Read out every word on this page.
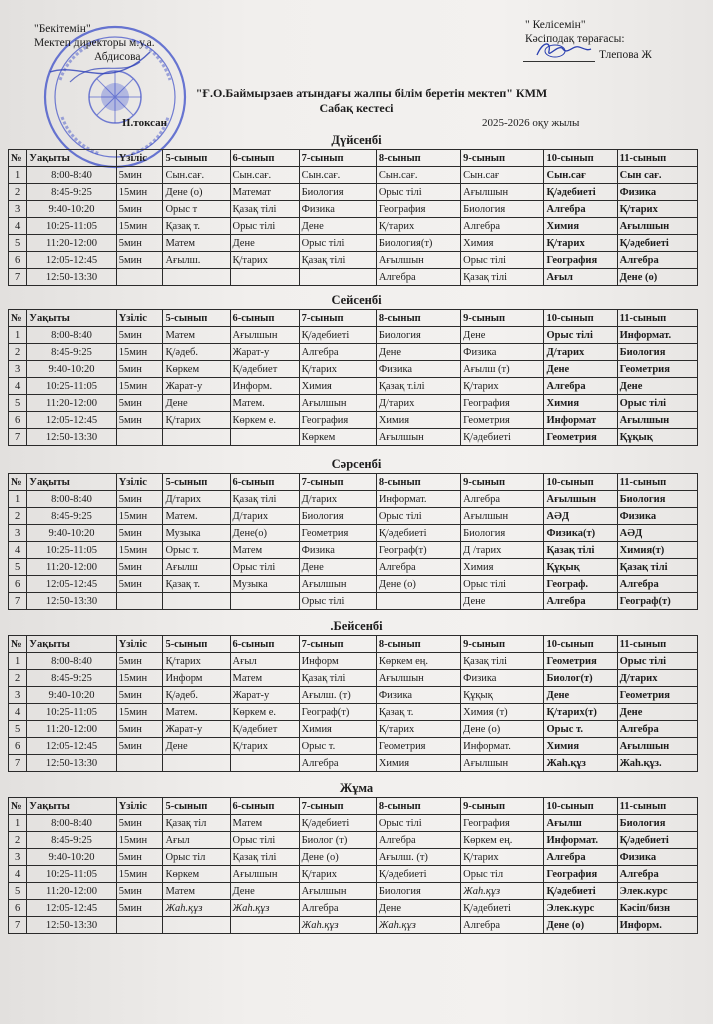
"Бекітемін"
Мектеп директоры м.у.а.
Абдисова
" Келісемін"
Кәсіподақ төрағасы:
Тлепова Ж
"Ғ.О.Баймырзаев атындағы жалпы білім беретін мектеп" КММ
Сабақ кестесі
II.токсан	2025-2026 оқу жылы
Дүйсенбі
№	Уақыты	Үзіліс	5-сынып	6-сынып	7-сынып	8-сынып	9-сынып	10-сынып	11-сынып
1	8:00-8:40	5мин	Сын.сағ.	Сын.сағ.	Сын.сағ.	Сын.сағ.	Сын.сағ	Сын.сағ	Сын сағ.
2	8:45-9:25	15мин	Дене (о)	Математ	Биология	Орыс тілі	Ағылшын	Қ/әдебиеті	Физика
3	9:40-10:20	5мин	Орыс т	Қазақ тілі	Физика	География	Биология	Алгебра	Қ/тарих
4	10:25-11:05	15мин	Қазақ т.	Орыс тілі	Дене	Қ/тарих	Алгебра	Химия	Ағылшын
5	11:20-12:00	5мин	Матем	Дене	Орыс тілі	Биология(т)	Химия	Қ/тарих	Қ/әдебиеті
6	12:05-12:45	5мин	Ағылш.	Қ/тарих	Қазақ тілі	Ағылшын	Орыс тілі	География	Алгебра
7	12:50-13:30					Алгебра	Қазақ тілі	Ағыл	Дене (о)
Сейсенбі
№	Уақыты	Үзіліс	5-сынып	6-сынып	7-сынып	8-сынып	9-сынып	10-сынып	11-сынып
1	8:00-8:40	5мин	Матем	Ағылшын	Қ/әдебиеті	Биология	Дене	Орыс тілі	Информат.
2	8:45-9:25	15мин	Қ/әдеб.	Жарат-у	Алгебра	Дене	Физика	Д/тарих	Биология
3	9:40-10:20	5мин	Көркем	Қ/әдебиет	Қ/тарих	Физика	Ағылш (т)	Дене	Геометрия
4	10:25-11:05	15мин	Жарат-у	Информ.	Химия	Қазақ т.ілі	Қ/тарих	Алгебра	Дене
5	11:20-12:00	5мин	Дене	Матем.	Ағылшын	Д/тарих	География	Химия	Орыс тілі
6	12:05-12:45	5мин	Қ/тарих	Көркем е.	География	Химия	Геометрия	Информат	Ағылшын
7	12:50-13:30				Көркем	Ағылшын	Қ/әдебиеті	Геометрия	Құқық
Сәрсенбі
№	Уақыты	Үзіліс	5-сынып	6-сынып	7-сынып	8-сынып	9-сынып	10-сынып	11-сынып
1	8:00-8:40	5мин	Д/тарих	Қазақ тілі	Д/тарих	Информат.	Алгебра	Ағылшын	Биология
2	8:45-9:25	15мин	Матем.	Д/тарих	Биология	Орыс тілі	Ағылшын	АӘД	Физика
3	9:40-10:20	5мин	Музыка	Дене(о)	Геометрия	Қ/әдебиеті	Биология	Физика(т)	АӘД
4	10:25-11:05	15мин	Орыс т.	Матем	Физика	Географ(т)	Д /тарих	Қазақ тілі	Химия(т)
5	11:20-12:00	5мин	Ағылш	Орыс тілі	Дене	Алгебра	Химия	Құқық	Қазақ тілі
6	12:05-12:45	5мин	Қазақ т.	Музыка	Ағылшын	Дене (о)	Орыс тілі	Географ.	Алгебра
7	12:50-13:30				Орыс тілі		Дене	Алгебра	Географ(т)
.Бейсенбі
№	Уақыты	Үзіліс	5-сынып	6-сынып	7-сынып	8-сынып	9-сынып	10-сынып	11-сынып
1	8:00-8:40	5мин	Қ/тарих	Ағыл	Информ	Көркем ең.	Қазақ тілі	Геометрия	Орыс тілі
2	8:45-9:25	15мин	Информ	Матем	Қазақ тілі	Ағылшын	Физика	Биолог(т)	Д/тарих
3	9:40-10:20	5мин	Қ/әдеб.	Жарат-у	Ағылш. (т)	Физика	Құқық	Дене	Геометрия
4	10:25-11:05	15мин	Матем.	Көркем е.	Географ(т)	Қазақ т.	Химия (т)	Қ/тарих(т)	Дене
5	11:20-12:00	5мин	Жарат-у	Қ/әдебиет	Химия	Қ/тарих	Дене (о)	Орыс т.	Алгебра
6	12:05-12:45	5мин	Дене	Қ/тарих	Орыс т.	Геометрия	Информат.	Химия	Ағылшын
7	12:50-13:30				Алгебра	Химия	Ағылшын	Жаһ.құз	Жаһ.құз.
Жұма
№	Уақыты	Үзіліс	5-сынып	6-сынып	7-сынып	8-сынып	9-сынып	10-сынып	11-сынып
1	8:00-8:40	5мин	Қазақ тіл	Матем	Қ/әдебиеті	Орыс тілі	География	Ағылш	Биология
2	8:45-9:25	15мин	Ағыл	Орыс тілі	Биолог (т)	Алгебра	Көркем ең.	Информат.	Қ/әдебиеті
3	9:40-10:20	5мин	Орыс тіл	Қазақ тілі	Дене (о)	Ағылш. (т)	Қ/тарих	Алгебра	Физика
4	10:25-11:05	15мин	Көркем	Ағылшын	Қ/тарих	Қ/әдебиеті	Орыс тіл	География	Алгебра
5	11:20-12:00	5мин	Матем	Дене	Ағылшын	Биология	Жаһ.құз	Қ/әдебиеті	Элек.курс
6	12:05-12:45	5мин	Жаһ.құз	Жаһ.құз	Алгебра	Дене	Қ/әдебиеті	Элек.курс	Кәсіп/бизн
7	12:50-13:30				Жаһ.құз	Жаһ.құз	Алгебра	Дене (о)	Информ.
